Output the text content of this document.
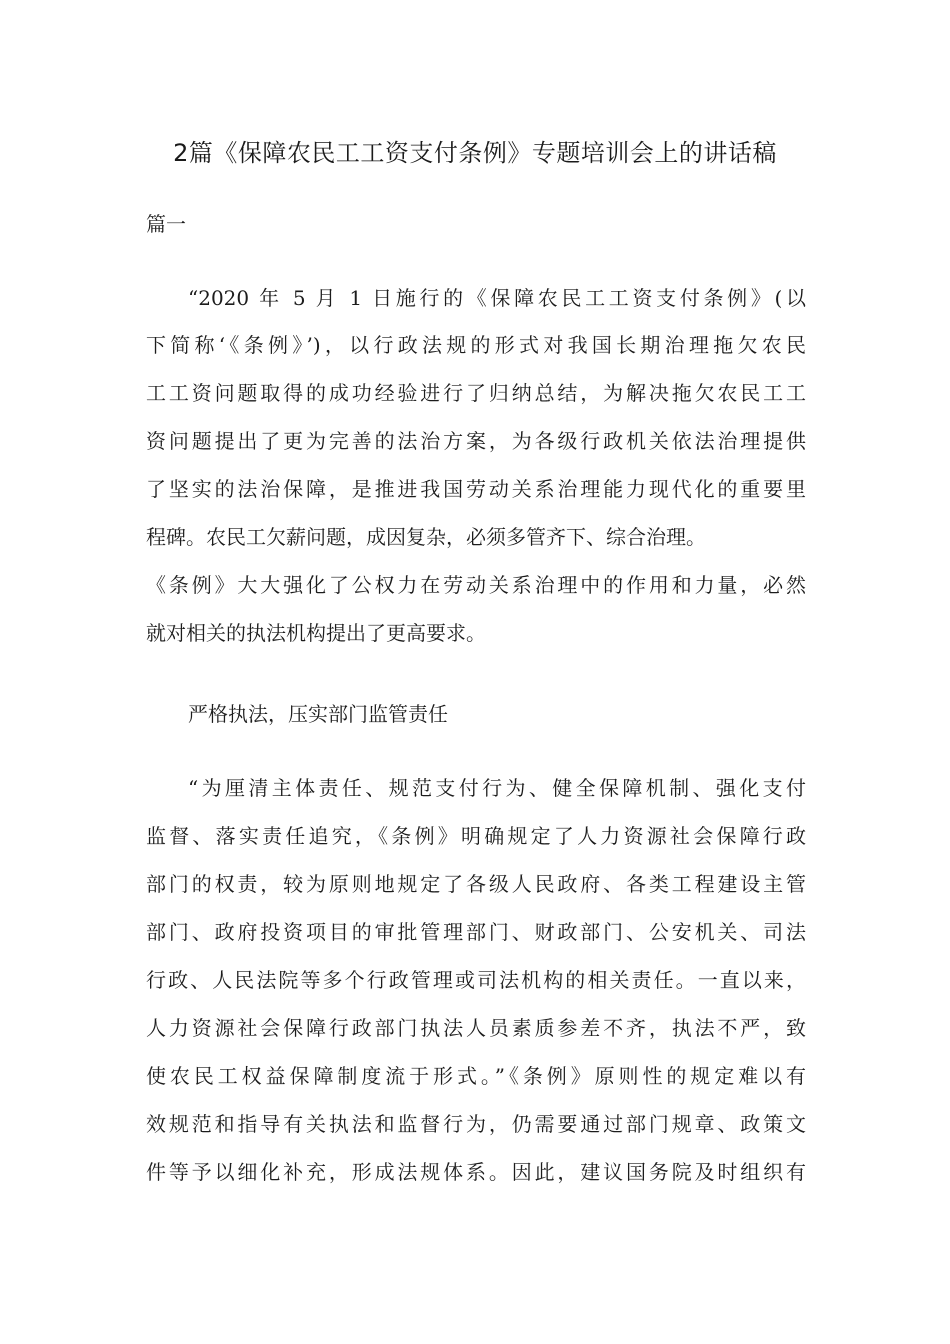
2篇《保障农民工工资支付条例》专题培训会上的讲话稿
篇一
“2020 年 5 月 1 日施行的《保障农民工工资支付条例》(以
下简称‘《条例》’)，以行政法规的形式对我国长期治理拖欠农民
工工资问题取得的成功经验进行了归纳总结，为解决拖欠农民工工
资问题提出了更为完善的法治方案，为各级行政机关依法治理提供
了坚实的法治保障，是推进我国劳动关系治理能力现代化的重要里
程碑。农民工欠薪问题，成因复杂，必须多管齐下、综合治理。
《条例》大大强化了公权力在劳动关系治理中的作用和力量，必然
就对相关的执法机构提出了更高要求。
严格执法，压实部门监管责任
“为厘清主体责任、规范支付行为、健全保障机制、强化支付
监督、落实责任追究，《条例》明确规定了人力资源社会保障行政
部门的权责，较为原则地规定了各级人民政府、各类工程建设主管
部门、政府投资项目的审批管理部门、财政部门、公安机关、司法
行政、人民法院等多个行政管理或司法机构的相关责任。一直以来，
人力资源社会保障行政部门执法人员素质参差不齐，执法不严，致
使农民工权益保障制度流于形式。”《条例》原则性的规定难以有
效规范和指导有关执法和监督行为，仍需要通过部门规章、政策文
件等予以细化补充，形成法规体系。因此，建议国务院及时组织有
